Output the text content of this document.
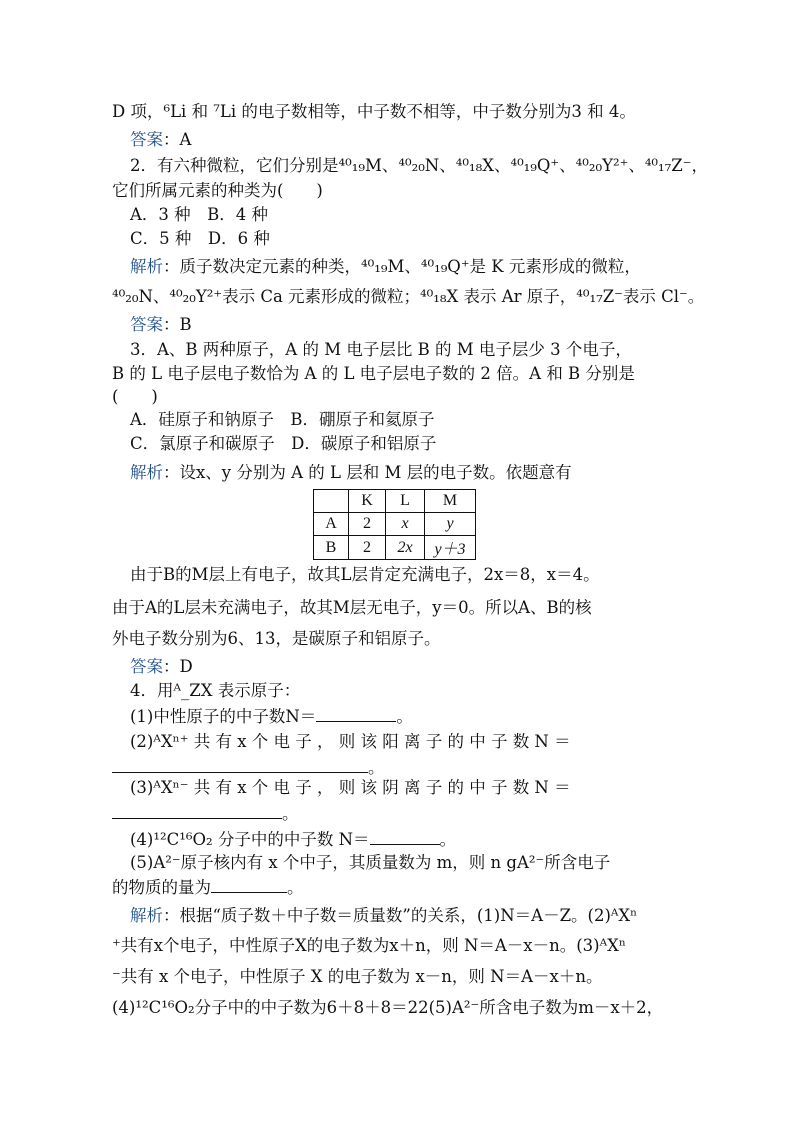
D 项，⁶Li 和 ⁷Li 的电子数相等，中子数不相等，中子数分别为3 和 4。
答案：A
2．有六种微粒，它们分别是⁴⁰₁₉M、⁴⁰₂₀N、⁴⁰₁₈X、⁴⁰₁₉Q⁺、⁴⁰₂₀Y²⁺、⁴⁰₁₇Z⁻，
它们所属元素的种类为(　　)
A．3 种　B．4 种
C．5 种　D．6 种
解析：质子数决定元素的种类，⁴⁰₁₉M、⁴⁰₁₉Q⁺是 K 元素形成的微粒，
⁴⁰₂₀N、⁴⁰₂₀Y²⁺表示 Ca 元素形成的微粒；⁴⁰₁₈X 表示 Ar 原子，⁴⁰₁₇Z⁻表示 Cl⁻。
答案：B
3．A、B 两种原子，A 的 M 电子层比 B 的 M 电子层少 3 个电子，
B 的 L 电子层电子数恰为 A 的 L 电子层电子数的 2 倍。A 和 B 分别是
(　　)
A．硅原子和钠原子　B．硼原子和氦原子
C．氯原子和碳原子　D．碳原子和铝原子
解析：设x、y 分别为 A 的 L 层和 M 层的电子数。依题意有
	K	L	M
A	2	x	y
B	2	2x	y＋3
由于B的M层上有电子，故其L层肯定充满电子，2x＝8，x＝4。
由于A的L层未充满电子，故其M层无电子，y＝0。所以A、B的核
外电子数分别为6、13，是碳原子和铝原子。
答案：D
4．用ᴬ_ZX 表示原子：
(1)中性原子的中子数N＝	。
(2)ᴬXⁿ⁺ 共 有 x 个 电 子 ， 则 该 阳 离 子 的 中 子 数 N ＝
。
(3)ᴬXⁿ⁻ 共 有 x 个 电 子 ， 则 该 阴 离 子 的 中 子 数 N ＝
。
(4)¹²C¹⁶O₂ 分子中的中子数 N＝	。
(5)A²⁻原子核内有 x 个中子，其质量数为 m，则 n gA²⁻所含电子
的物质的量为	。
解析：根据“质子数＋中子数＝质量数”的关系，(1)N＝A－Z。(2)ᴬXⁿ
⁺共有x个电子，中性原子X的电子数为x＋n，则 N＝A－x－n。(3)ᴬXⁿ
⁻共有 x 个电子，中性原子 X 的电子数为 x－n，则 N＝A－x＋n。
(4)¹²C¹⁶O₂分子中的中子数为6＋8＋8＝22(5)A²⁻所含电子数为m－x＋2，
